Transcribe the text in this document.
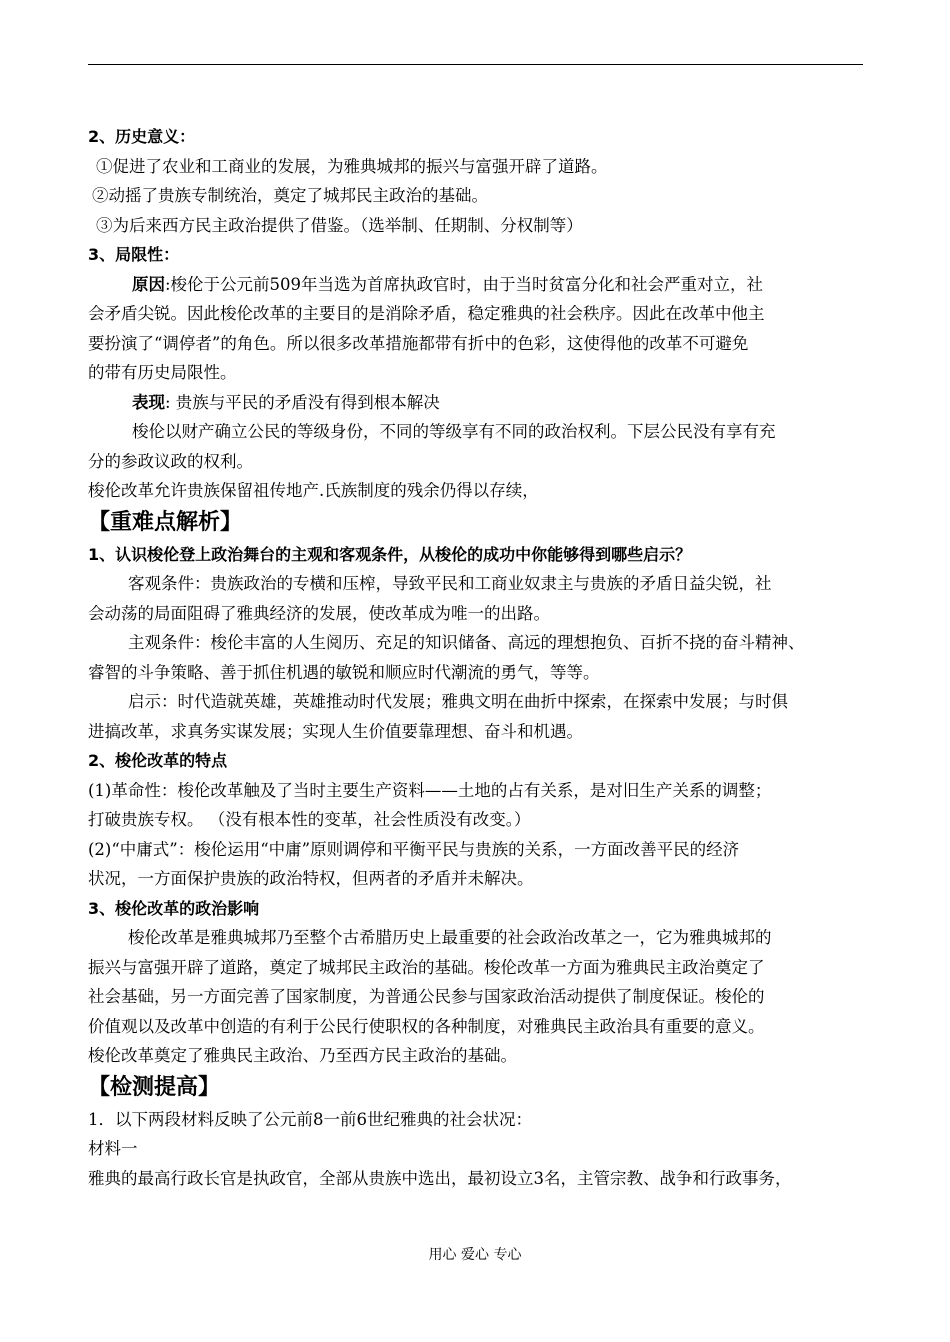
2、历史意义：
①促进了农业和工商业的发展，为雅典城邦的振兴与富强开辟了道路。
②动摇了贵族专制统治，奠定了城邦民主政治的基础。
③为后来西方民主政治提供了借鉴。（选举制、任期制、分权制等）
3、局限性：
原因:梭伦于公元前509年当选为首席执政官时，由于当时贫富分化和社会严重对立，社
会矛盾尖锐。因此梭伦改革的主要目的是消除矛盾，稳定雅典的社会秩序。因此在改革中他主
要扮演了“调停者”的角色。所以很多改革措施都带有折中的色彩，这使得他的改革不可避免
的带有历史局限性。
表现: 贵族与平民的矛盾没有得到根本解决
梭伦以财产确立公民的等级身份，不同的等级享有不同的政治权利。下层公民没有享有充
分的参政议政的权利。
梭伦改革允许贵族保留祖传地产.氏族制度的残余仍得以存续，
【重难点解析】
1、认识梭伦登上政治舞台的主观和客观条件，从梭伦的成功中你能够得到哪些启示？
客观条件：贵族政治的专横和压榨，导致平民和工商业奴隶主与贵族的矛盾日益尖锐，社
会动荡的局面阻碍了雅典经济的发展，使改革成为唯一的出路。
主观条件：梭伦丰富的人生阅历、充足的知识储备、高远的理想抱负、百折不挠的奋斗精神、
睿智的斗争策略、善于抓住机遇的敏锐和顺应时代潮流的勇气，等等。
启示：时代造就英雄，英雄推动时代发展；雅典文明在曲折中探索，在探索中发展；与时俱
进搞改革，求真务实谋发展；实现人生价值要靠理想、奋斗和机遇。
2、梭伦改革的特点
(1)革命性：梭伦改革触及了当时主要生产资料——土地的占有关系，是对旧生产关系的调整；
打破贵族专权。 （没有根本性的变革，社会性质没有改变。）
(2)“中庸式”：梭伦运用“中庸”原则调停和平衡平民与贵族的关系，一方面改善平民的经济
状况，一方面保护贵族的政治特权，但两者的矛盾并未解决。
3、梭伦改革的政治影响
梭伦改革是雅典城邦乃至整个古希腊历史上最重要的社会政治改革之一，它为雅典城邦的
振兴与富强开辟了道路，奠定了城邦民主政治的基础。梭伦改革一方面为雅典民主政治奠定了
社会基础，另一方面完善了国家制度，为普通公民参与国家政治活动提供了制度保证。梭伦的
价值观以及改革中创造的有利于公民行使职权的各种制度，对雅典民主政治具有重要的意义。
梭伦改革奠定了雅典民主政治、乃至西方民主政治的基础。
【检测提高】
1．以下两段材料反映了公元前8一前6世纪雅典的社会状况：
材料一
雅典的最高行政长官是执政官，全部从贵族中选出，最初设立3名，主管宗教、战争和行政事务，
用心 爱心 专心
